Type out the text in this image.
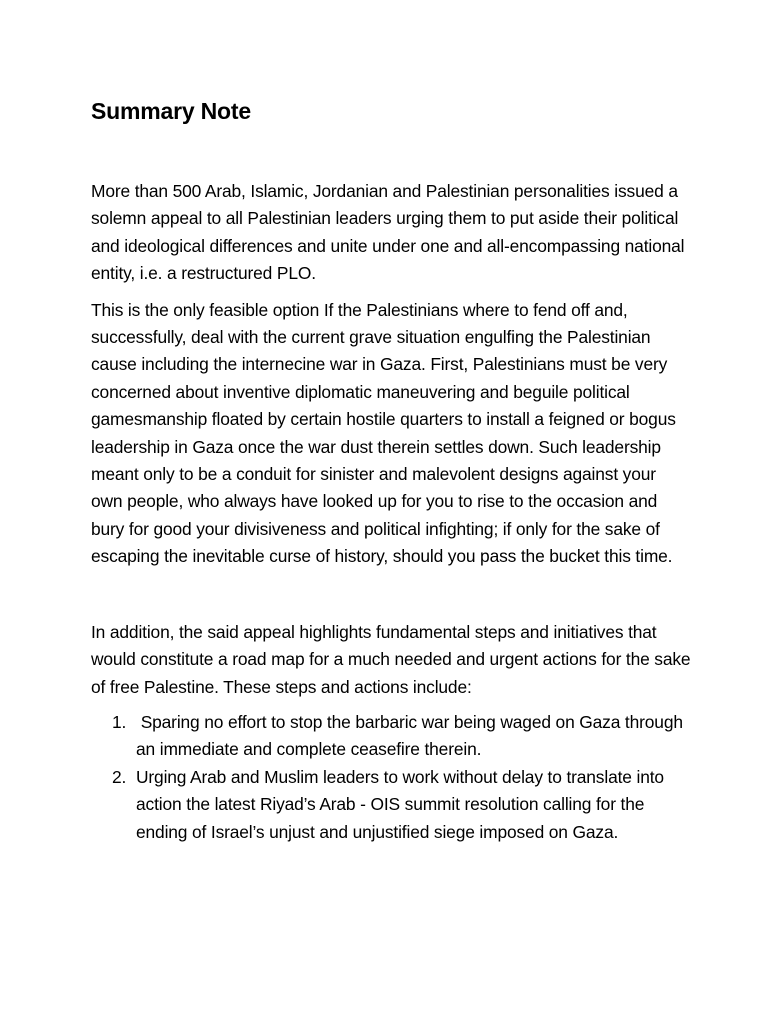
Summary Note

More than 500 Arab, Islamic, Jordanian and Palestinian personalities issued a solemn appeal to all Palestinian leaders urging them to put aside their political and ideological differences and unite under one and all-encompassing national entity, i.e. a restructured PLO.

This is the only feasible option If the Palestinians where to fend off and, successfully, deal with the current grave situation engulfing the Palestinian cause including the internecine war in Gaza. First, Palestinians must be very concerned about inventive diplomatic maneuvering and beguile political gamesmanship floated by certain hostile quarters to install a feigned or bogus leadership in Gaza once the war dust therein settles down. Such leadership meant only to be a conduit for sinister and malevolent designs against your own people, who always have looked up for you to rise to the occasion and bury for good your divisiveness and political infighting; if only for the sake of escaping the inevitable curse of history, should you pass the bucket this time.

In addition, the said appeal highlights fundamental steps and initiatives that would constitute a road map for a much needed and urgent actions for the sake of free Palestine. These steps and actions include:

1. Sparing no effort to stop the barbaric war being waged on Gaza through an immediate and complete ceasefire therein.
2. Urging Arab and Muslim leaders to work without delay to translate into action the latest Riyad’s Arab - OIS summit resolution calling for the ending of Israel’s unjust and unjustified siege imposed on Gaza.
